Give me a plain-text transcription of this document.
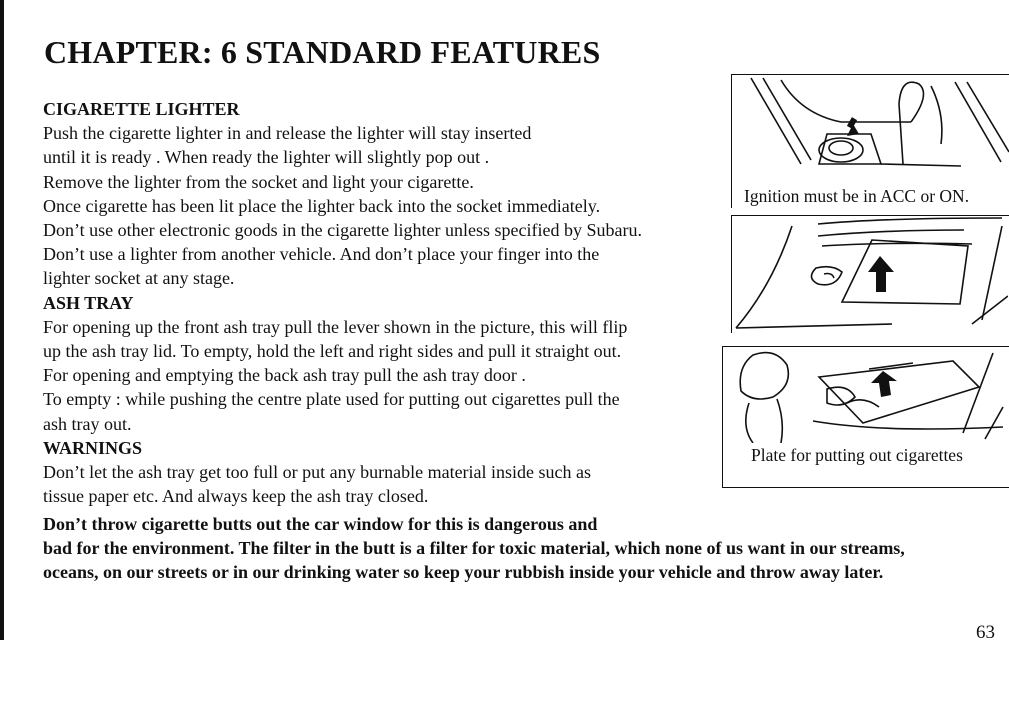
CHAPTER: 6 STANDARD FEATURES

CIGARETTE LIGHTER

Push the cigarette lighter in and release the lighter will stay inserted

until it is ready . When ready the lighter will slightly pop out .

Remove the lighter from the socket and light your cigarette.

Once cigarette has been lit place the lighter back into the socket immediately.

Don’t use other electronic goods in the cigarette lighter unless specified by Subaru.

Don’t use a lighter from another vehicle. And don’t place your finger into the

lighter socket at any stage.

ASH TRAY

For opening up the front ash tray pull the lever shown in the picture, this will flip

up the ash tray lid. To empty, hold the left and right sides and pull it straight out.

For opening and emptying the back ash tray pull the ash tray door .

To empty : while pushing the centre plate used for putting out cigarettes pull the

ash tray out.

WARNINGS

Don’t let the ash tray get too full or put any burnable material inside such as

tissue paper etc. And always keep the ash tray closed.

Don’t throw cigarette butts out the car window for this is dangerous and
bad for the environment. The filter in the butt is a filter for toxic material, which none of us want in our streams,
oceans, on our streets or in our drinking water so keep your rubbish inside your vehicle and throw away later.
Ignition must be in ACC or ON.
Plate for putting out cigarettes
63
